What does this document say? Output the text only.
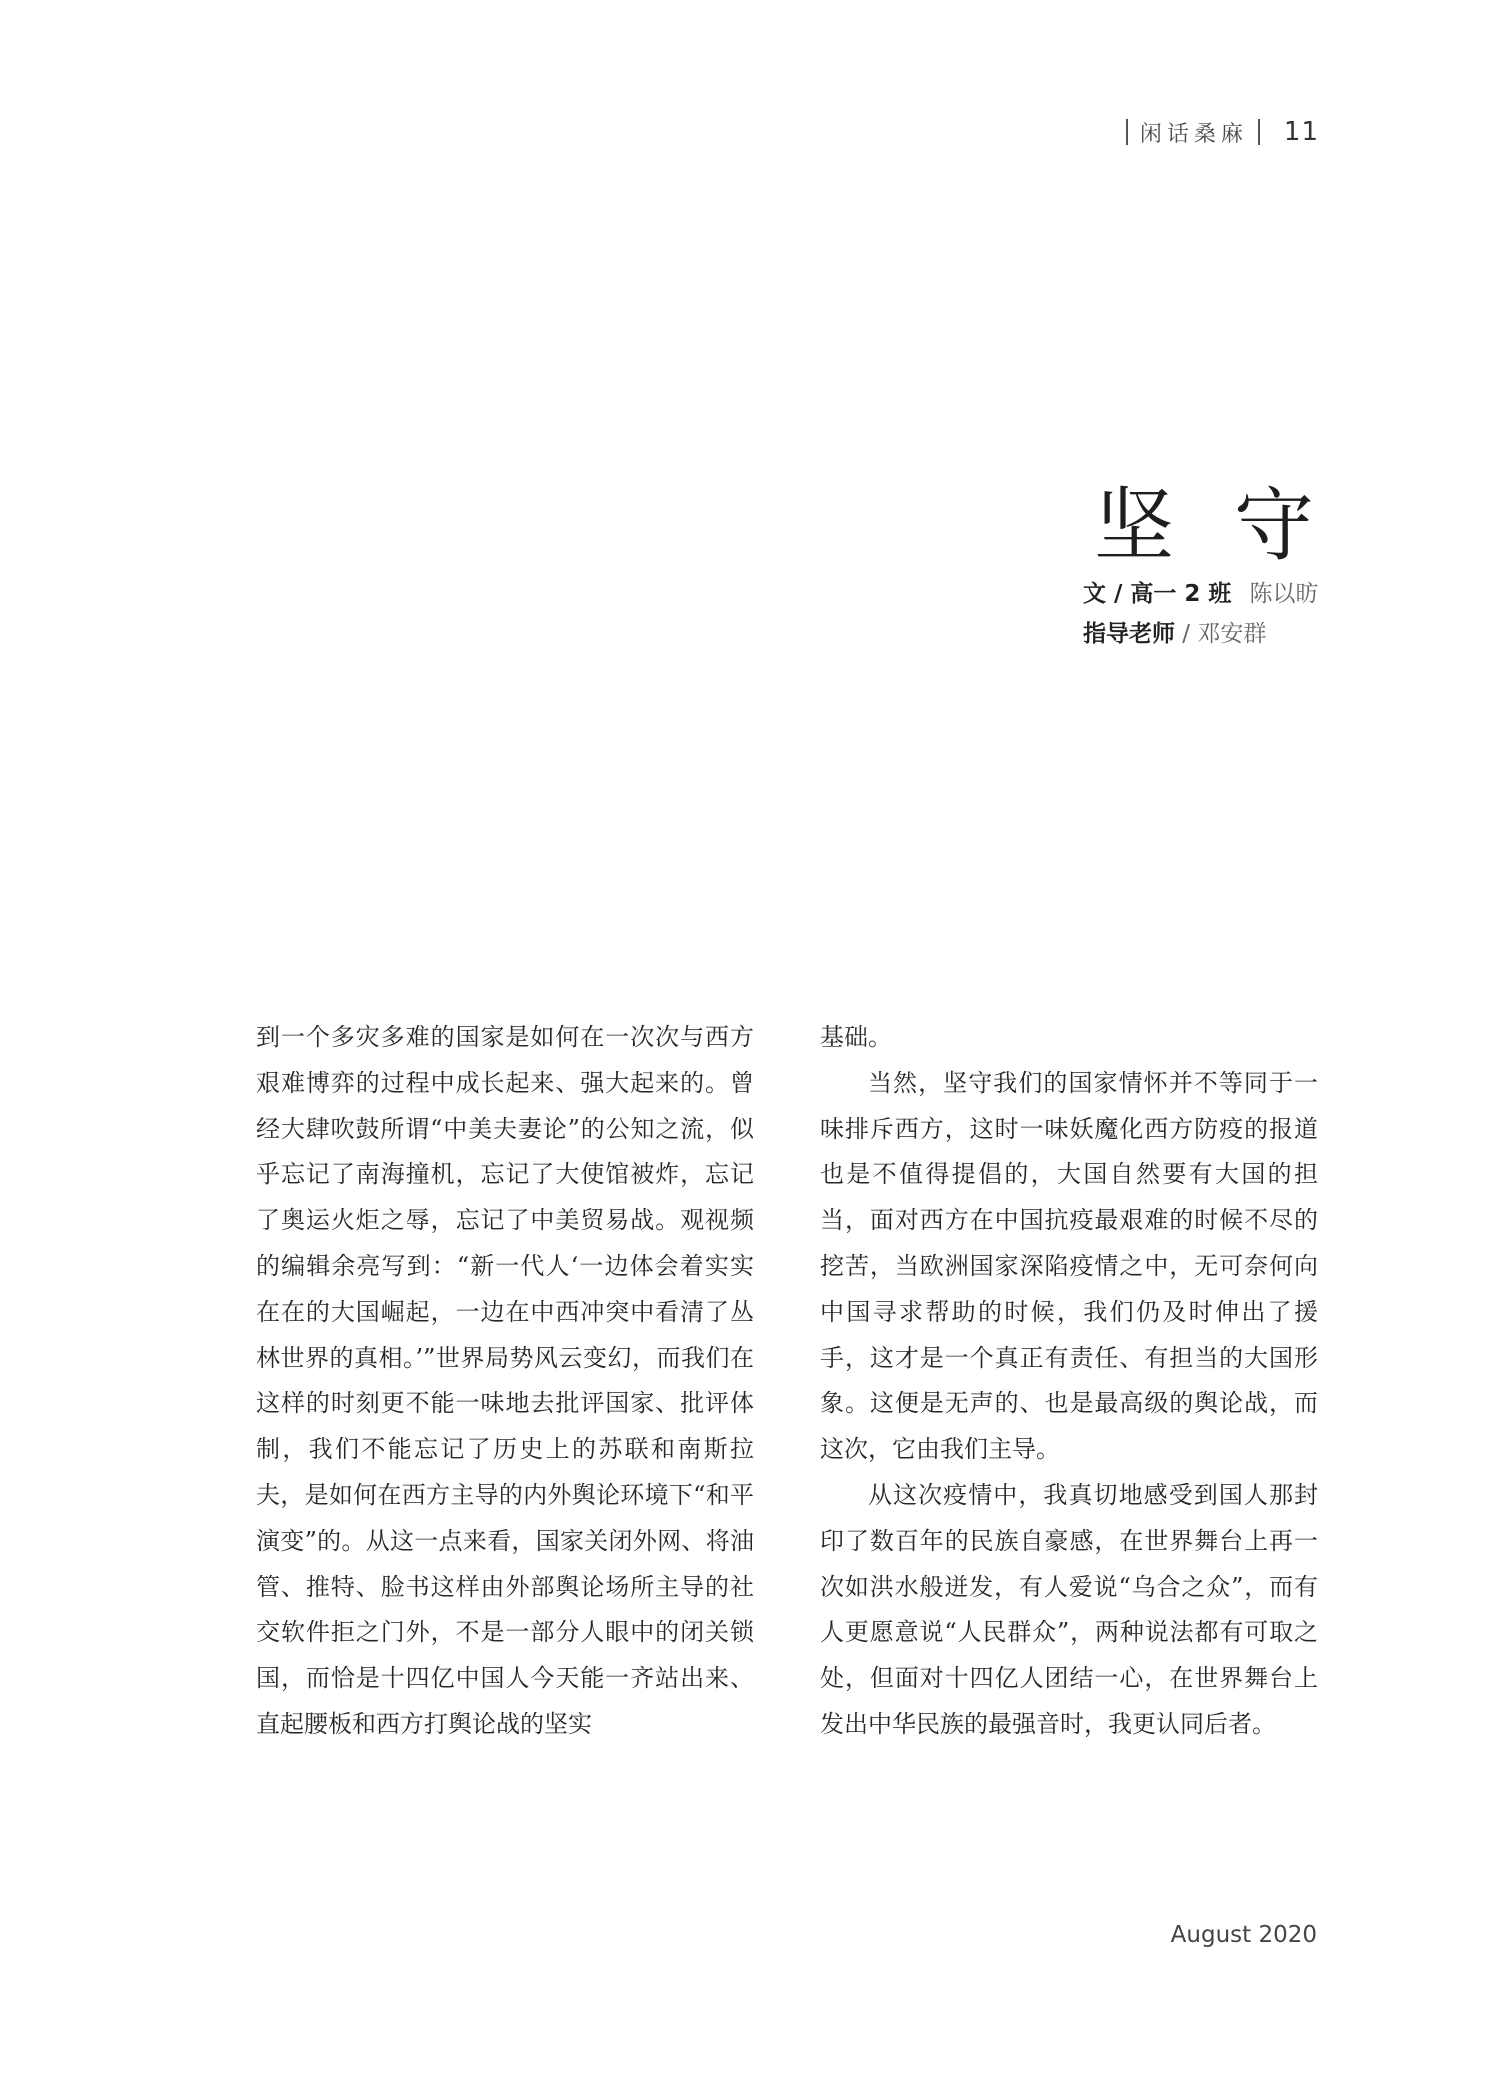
闲话桑麻 11
坚守
文 / 高一 2 班 陈以昉
指导老师 / 邓安群

到一个多灾多难的国家是如何在一次次与西方艰难博弈的过程中成长起来、强大起来的。曾经大肆吹鼓所谓“中美夫妻论”的公知之流，似乎忘记了南海撞机，忘记了大使馆被炸，忘记了奥运火炬之辱，忘记了中美贸易战。观视频的编辑余亮写到：“新一代人‘一边体会着实实在在的大国崛起，一边在中西冲突中看清了丛林世界的真相。’”世界局势风云变幻，而我们在这样的时刻更不能一味地去批评国家、批评体制，我们不能忘记了历史上的苏联和南斯拉夫，是如何在西方主导的内外舆论环境下“和平演变”的。从这一点来看，国家关闭外网、将油管、推特、脸书这样由外部舆论场所主导的社交软件拒之门外，不是一部分人眼中的闭关锁国，而恰是十四亿中国人今天能一齐站出来、直起腰板和西方打舆论战的坚实

基础。

当然，坚守我们的国家情怀并不等同于一味排斥西方，这时一味妖魔化西方防疫的报道也是不值得提倡的，大国自然要有大国的担当，面对西方在中国抗疫最艰难的时候不尽的挖苦，当欧洲国家深陷疫情之中，无可奈何向中国寻求帮助的时候，我们仍及时伸出了援手，这才是一个真正有责任、有担当的大国形象。这便是无声的、也是最高级的舆论战，而这次，它由我们主导。

从这次疫情中，我真切地感受到国人那封印了数百年的民族自豪感，在世界舞台上再一次如洪水般迸发，有人爱说“乌合之众”，而有人更愿意说“人民群众”，两种说法都有可取之处，但面对十四亿人团结一心，在世界舞台上发出中华民族的最强音时，我更认同后者。

August 2020
